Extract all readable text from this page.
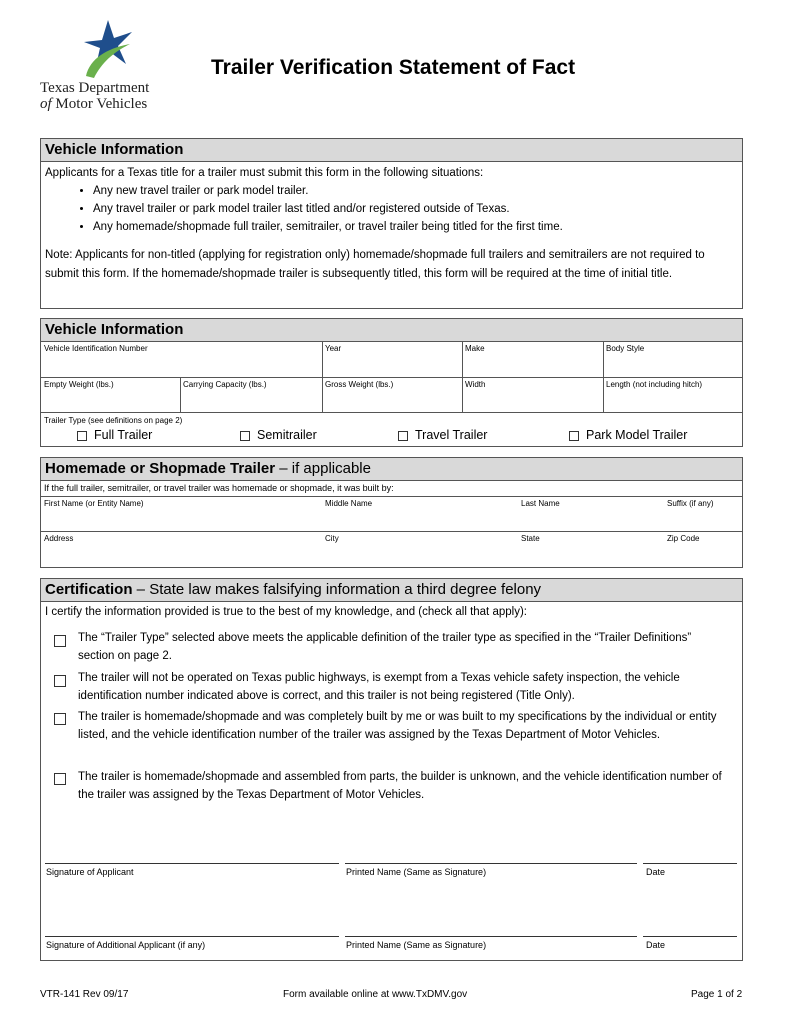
Texas Department
of Motor Vehicles
Trailer Verification Statement of Fact
Vehicle Information
Applicants for a Texas title for a trailer must submit this form in the following situations:
• Any new travel trailer or park model trailer.
• Any travel trailer or park model trailer last titled and/or registered outside of Texas.
• Any homemade/shopmade full trailer, semitrailer, or travel trailer being titled for the first time.
Note: Applicants for non-titled (applying for registration only) homemade/shopmade full trailers and semitrailers are not required to submit this form. If the homemade/shopmade trailer is subsequently titled, this form will be required at the time of initial title.
Vehicle Information
Vehicle Identification Number	Year	Make	Body Style
Empty Weight (lbs.)	Carrying Capacity (lbs.)	Gross Weight (lbs.)	Width	Length (not including hitch)
Trailer Type (see definitions on page 2)
Full Trailer	Semitrailer	Travel Trailer	Park Model Trailer
Homemade or Shopmade Trailer – if applicable
If the full trailer, semitrailer, or travel trailer was homemade or shopmade, it was built by:
First Name (or Entity Name)	Middle Name	Last Name	Suffix (if any)
Address	City	State	Zip Code
Certification – State law makes falsifying information a third degree felony
I certify the information provided is true to the best of my knowledge, and (check all that apply):
The “Trailer Type” selected above meets the applicable definition of the trailer type as specified in the “Trailer Definitions” section on page 2.
The trailer will not be operated on Texas public highways, is exempt from a Texas vehicle safety inspection, the vehicle identification number indicated above is correct, and this trailer is not being registered (Title Only).
The trailer is homemade/shopmade and was completely built by me or was built to my specifications by the individual or entity listed, and the vehicle identification number of the trailer was assigned by the Texas Department of Motor Vehicles.
The trailer is homemade/shopmade and assembled from parts, the builder is unknown, and the vehicle identification number of the trailer was assigned by the Texas Department of Motor Vehicles.
Signature of Applicant	Printed Name (Same as Signature)	Date
Signature of Additional Applicant (if any)	Printed Name (Same as Signature)	Date
VTR-141 Rev 09/17	Form available online at www.TxDMV.gov	Page 1 of 2
